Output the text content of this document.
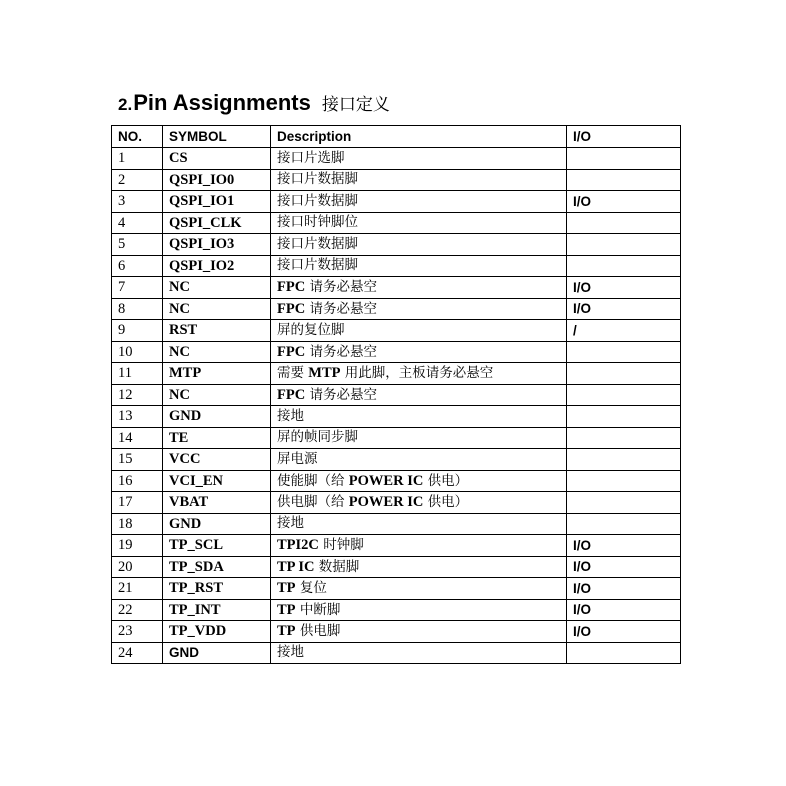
2. Pin Assignments 接口定义
NO.	SYMBOL	Description	I/O
1	CS	接口片选脚	
2	QSPI_IO0	接口片数据脚	
3	QSPI_IO1	接口片数据脚	I/O
4	QSPI_CLK	接口时钟脚位	
5	QSPI_IO3	接口片数据脚	
6	QSPI_IO2	接口片数据脚	
7	NC	FPC 请务必悬空	I/O
8	NC	FPC 请务必悬空	I/O
9	RST	屏的复位脚	/
10	NC	FPC 请务必悬空	
11	MTP	需要 MTP 用此脚，主板请务必悬空	
12	NC	FPC 请务必悬空	
13	GND	接地	
14	TE	屏的帧同步脚	
15	VCC	屏电源	
16	VCI_EN	使能脚（给 POWER IC 供电）	
17	VBAT	供电脚（给 POWER IC 供电）	
18	GND	接地	
19	TP_SCL	TPI2C 时钟脚	I/O
20	TP_SDA	TP IC 数据脚	I/O
21	TP_RST	TP 复位	I/O
22	TP_INT	TP 中断脚	I/O
23	TP_VDD	TP 供电脚	I/O
24	GND	接地	
